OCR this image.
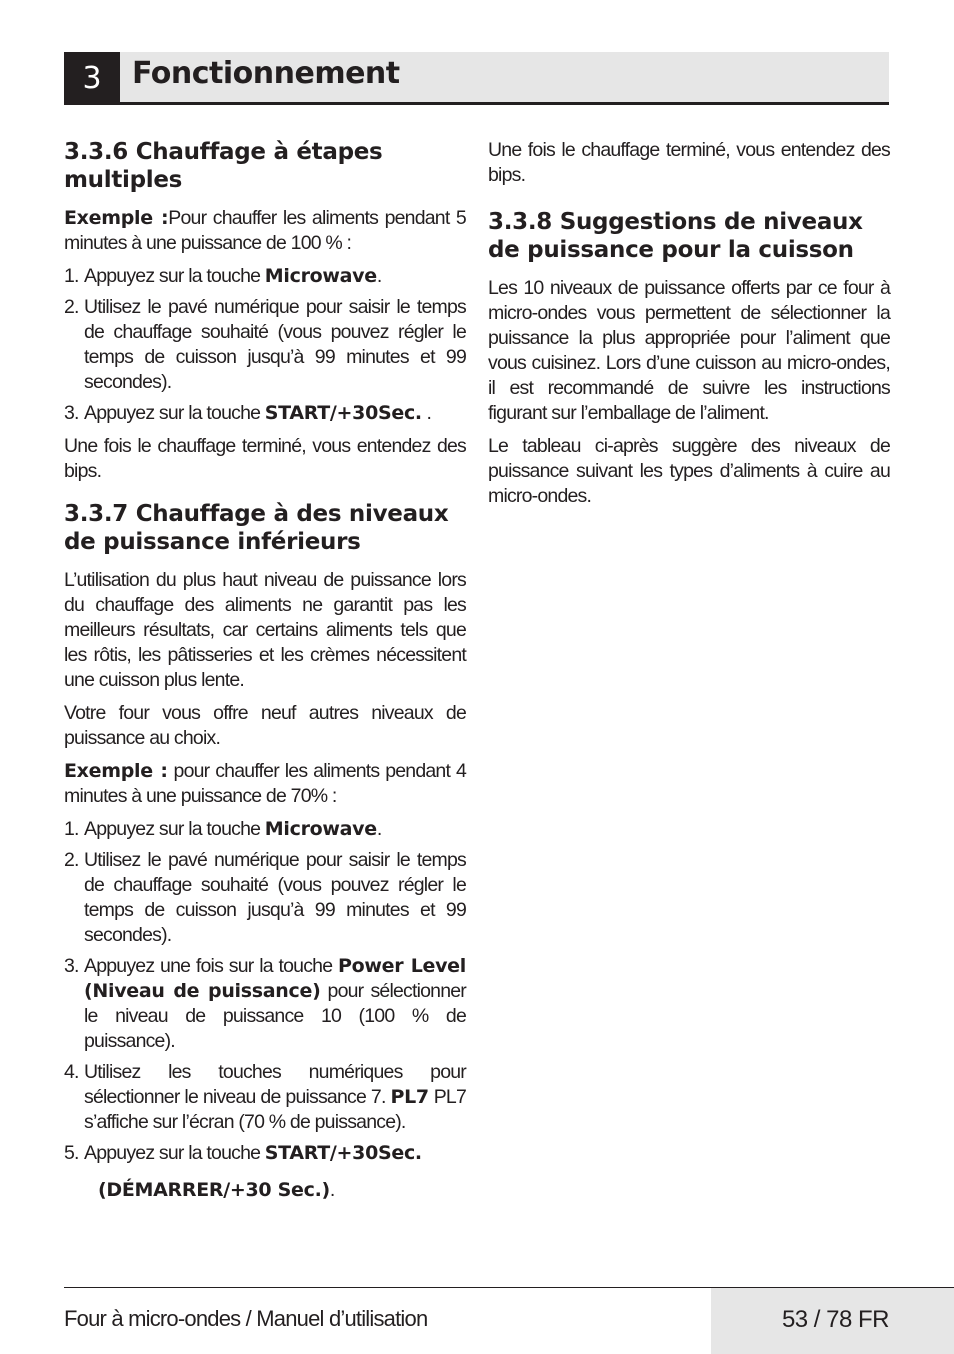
3	Fonctionnement
3.3.6 Chauffage à étapes multiples

Exemple :Pour chauffer les aliments pendant 5 minutes à une puissance de 100 % :

1. Appuyez sur la touche Microwave.
2. Utilisez le pavé numérique pour saisir le temps de chauffage souhaité (vous pouvez régler le temps de cuisson jusqu’à 99 minutes et 99 secondes).
3. Appuyez sur la touche START/+30Sec. .

Une fois le chauffage terminé, vous entendez des bips.

3.3.7 Chauffage à des niveaux de puissance inférieurs

L’utilisation du plus haut niveau de puissance lors du chauffage des aliments ne garantit pas les meilleurs résultats, car certains aliments tels que les rôtis, les pâtisseries et les crèmes nécessitent une cuisson plus lente.

Votre four vous offre neuf autres niveaux de puissance au choix.

Exemple : pour chauffer les aliments pendant 4 minutes à une puissance de 70% :

1. Appuyez sur la touche Microwave.
2. Utilisez le pavé numérique pour saisir le temps de chauffage souhaité (vous pouvez régler le temps de cuisson jusqu’à 99 minutes et 99 secondes).
3. Appuyez une fois sur la touche Power Level (Niveau de puissance) pour sélectionner le niveau de puissance 10 (100 % de puissance).
4. Utilisez les touches numériques pour sélectionner le niveau de puissance 7. PL7 PL7 s’affiche sur l’écran (70 % de puissance).
5. Appuyez sur la touche START/+30Sec.
(DÉMARRER/+30 Sec.).

Une fois le chauffage terminé, vous entendez des bips.

3.3.8 Suggestions de niveaux de puissance pour la cuisson

Les 10 niveaux de puissance offerts par ce four à micro-ondes vous permettent de sélectionner la puissance la plus appropriée pour l’aliment que vous cuisinez. Lors d’une cuisson au micro-ondes, il est recommandé de suivre les instructions figurant sur l’emballage de l’aliment.

Le tableau ci-après suggère des niveaux de puissance suivant les types d’aliments à cuire au micro-ondes.

Four à micro-ondes / Manuel d’utilisation	53 / 78 FR
